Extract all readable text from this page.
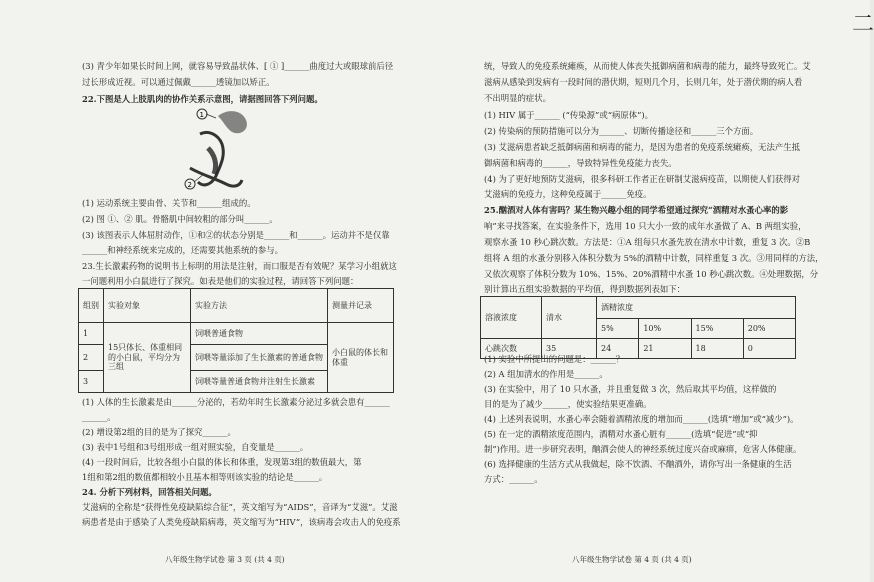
(3) 青少年如果长时间上网，就容易导致晶状体、[ ① ]______曲度过大或眼球前后径
过长形成近视。可以通过佩戴______透镜加以矫正。
22.下图是人上肢肌肉的协作关系示意图，请据图回答下列问题。
1
2
(1) 运动系统主要由骨、关节和______组成的。
(2) 图 ①、② 肌。骨骼肌中间较粗的部分叫______。
(3) 该图表示人体屈肘动作，①和②的状态分别是______和______。运动并不是仅靠
______和神经系统来完成的，还需要其他系统的参与。
23.生长激素药物的说明书上标明的用法是注射，而口服是否有效呢？某学习小组就这
一问题利用小白鼠进行了探究。如表是他们的实验过程，请回答下列问题：
组别	实验对象	实验方法	测量并记录
1	15只体长、体重相同的小白鼠，平均分为三组	饲喂普通食物	小白鼠的体长和体重
2		饲喂等量添加了生长激素的普通食物	
3		饲喂等量普通食物并注射生长激素	
(1) 人体的生长激素是由______分泌的，若幼年时生长激素分泌过多就会患有______
______。
(2) 增设第2组的目的是为了探究______。
(3) 表中1号组和3号组形成一组对照实验，自变量是______。
(4) 一段时间后，比较各组小白鼠的体长和体重，发现第3组的数值最大，第
1组和第2组的数值都相较小且基本相等则该实验的结论是______。
24. 分析下列材料，回答相关问题。
艾滋病的全称是“获得性免疫缺陷综合征”，英文缩写为“AIDS”，音译为“艾滋”。艾滋
病患者是由于感染了人类免疫缺陷病毒，英文缩写为“HIV”，该病毒会攻击人的免疫系
八年级生物学试卷 第 3 页 (共 4 页)
二
统，导致人的免疫系统瘫痪，从而使人体丧失抵御病菌和病毒的能力，最终导致死亡。艾
滋病从感染到发病有一段时间的潜伏期，短则几个月，长则几年，处于潜伏期的病人看
不出明显的症状。
(1) HIV 属于______ (“传染源”或“病原体”)。
(2) 传染病的预防措施可以分为______、切断传播途径和______三个方面。
(3) 艾滋病患者缺乏抵御病菌和病毒的能力，是因为患者的免疫系统瘫痪，无法产生抵
御病菌和病毒的______，导致特异性免疫能力丧失。
(4) 为了更好地预防艾滋病，很多科研工作者正在研制艾滋病疫苗，以期使人们获得对
艾滋病的免疫力，这种免疫属于______免疫。
25.酗酒对人体有害吗？某生物兴趣小组的同学希望通过探究“酒精对水蚤心率的影
响”来寻找答案，在实验条件下，选用 10 只大小一致的成年水蚤做了 A、B 两组实验，
观察水蚤 10 秒心跳次数。方法是：①A 组每只水蚤先放在清水中计数，重复 3 次。②B
组将 A 组的水蚤分别移入体积分数为 5%的酒精中计数，同样重复 3 次。③用同样的方法，
又依次观察了体积分数为 10%、15%、20%酒精中水蚤 10 秒心跳次数。④处理数据，分
别计算出五组实验数据的平均值，得到数据列表如下：
溶液浓度	清水	酒精浓度			
		5%	10%	15%	20%
心跳次数	35	24	21	18	0
(1) 实验中所提出的问题是：______？
(2) A 组加清水的作用是______。
(3) 在实验中，用了 10 只水蚤，并且重复做 3 次，然后取其平均值，这样做的
目的是为了减少______，使实验结果更准确。
(4) 上述列表说明，水蚤心率会随着酒精浓度的增加而______(选填“增加”或“减少”)。
(5) 在一定的酒精浓度范围内，酒精对水蚤心脏有______(选填“促进”或“抑
制”)作用。进一步研究表明，酗酒会使人的神经系统过度兴奋或麻痹，危害人体健康。
(6) 选择健康的生活方式从我做起，除不饮酒、不酗酒外，请你写出一条健康的生活
方式：______。
八年级生物学试卷 第 4 页 (共 4 页)
